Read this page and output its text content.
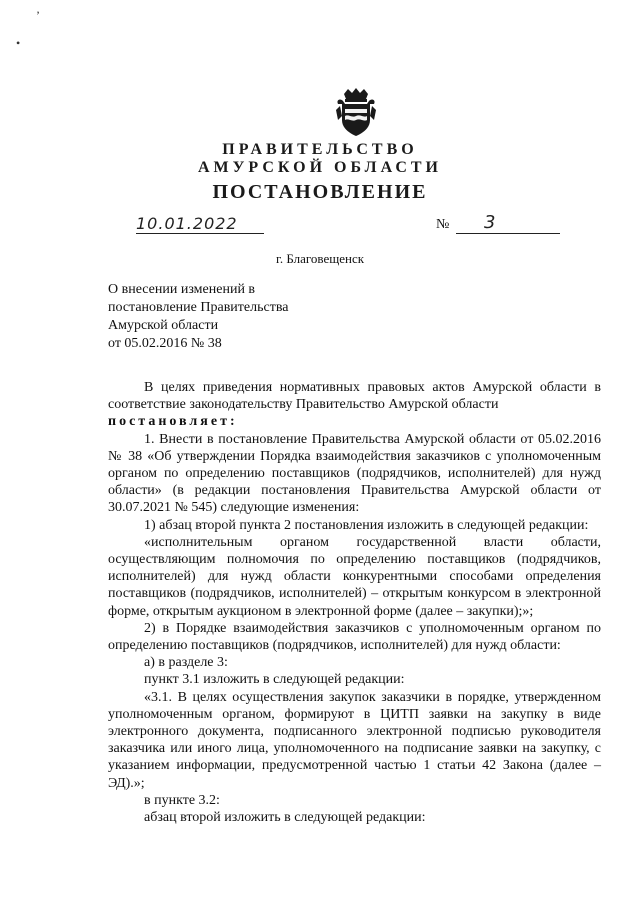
’
•
ПРАВИТЕЛЬСТВО
АМУРСКОЙ ОБЛАСТИ
ПОСТАНОВЛЕНИЕ
10.01.2022	№ 3
г. Благовещенск
О внесении изменений в
постановление Правительства
Амурской области
от 05.02.2016 № 38
В целях приведения нормативных правовых актов Амурской области в соответствие законодательству Правительство Амурской области
постановляет:
1. Внести в постановление Правительства Амурской области от 05.02.2016 № 38 «Об утверждении Порядка взаимодействия заказчиков с уполномоченным органом по определению поставщиков (подрядчиков, исполнителей) для нужд области» (в редакции постановления Правительства Амурской области от 30.07.2021 № 545) следующие изменения:
1) абзац второй пункта 2 постановления изложить в следующей редакции:
«исполнительным органом государственной власти области, осуществляющим полномочия по определению поставщиков (подрядчиков, исполнителей) для нужд области конкурентными способами определения поставщиков (подрядчиков, исполнителей) – открытым конкурсом в электронной форме, открытым аукционом в электронной форме (далее – закупки);»;
2) в Порядке взаимодействия заказчиков с уполномоченным органом по определению поставщиков (подрядчиков, исполнителей) для нужд области:
а) в разделе 3:
пункт 3.1 изложить в следующей редакции:
«3.1. В целях осуществления закупок заказчики в порядке, утвержденном уполномоченным органом, формируют в ЦИТП заявки на закупку в виде электронного документа, подписанного электронной подписью руководителя заказчика или иного лица, уполномоченного на подписание заявки на закупку, с указанием информации, предусмотренной частью 1 статьи 42 Закона (далее – ЭД).»;
в пункте 3.2:
абзац второй изложить в следующей редакции:
